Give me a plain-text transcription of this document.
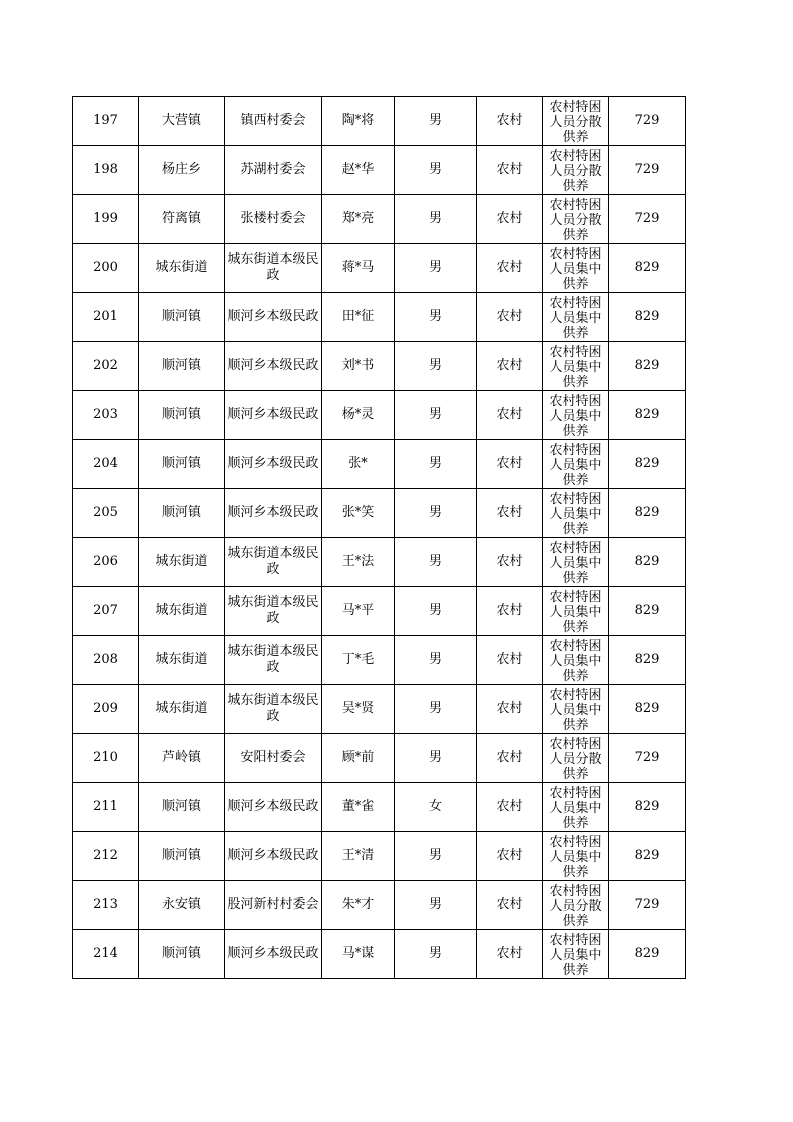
197	大营镇	镇西村委会	陶*将	男	农村	农村特困人员分散供养	729
198	杨庄乡	苏湖村委会	赵*华	男	农村	农村特困人员分散供养	729
199	符离镇	张楼村委会	郑*亮	男	农村	农村特困人员分散供养	729
200	城东街道	城东街道本级民政	蒋*马	男	农村	农村特困人员集中供养	829
201	顺河镇	顺河乡本级民政	田*征	男	农村	农村特困人员集中供养	829
202	顺河镇	顺河乡本级民政	刘*书	男	农村	农村特困人员集中供养	829
203	顺河镇	顺河乡本级民政	杨*灵	男	农村	农村特困人员集中供养	829
204	顺河镇	顺河乡本级民政	张*	男	农村	农村特困人员集中供养	829
205	顺河镇	顺河乡本级民政	张*笑	男	农村	农村特困人员集中供养	829
206	城东街道	城东街道本级民政	王*法	男	农村	农村特困人员集中供养	829
207	城东街道	城东街道本级民政	马*平	男	农村	农村特困人员集中供养	829
208	城东街道	城东街道本级民政	丁*毛	男	农村	农村特困人员集中供养	829
209	城东街道	城东街道本级民政	吴*贤	男	农村	农村特困人员集中供养	829
210	芦岭镇	安阳村委会	顾*前	男	农村	农村特困人员分散供养	729
211	顺河镇	顺河乡本级民政	董*雀	女	农村	农村特困人员集中供养	829
212	顺河镇	顺河乡本级民政	王*清	男	农村	农村特困人员集中供养	829
213	永安镇	股河新村村委会	朱*才	男	农村	农村特困人员分散供养	729
214	顺河镇	顺河乡本级民政	马*谋	男	农村	农村特困人员集中供养	829
